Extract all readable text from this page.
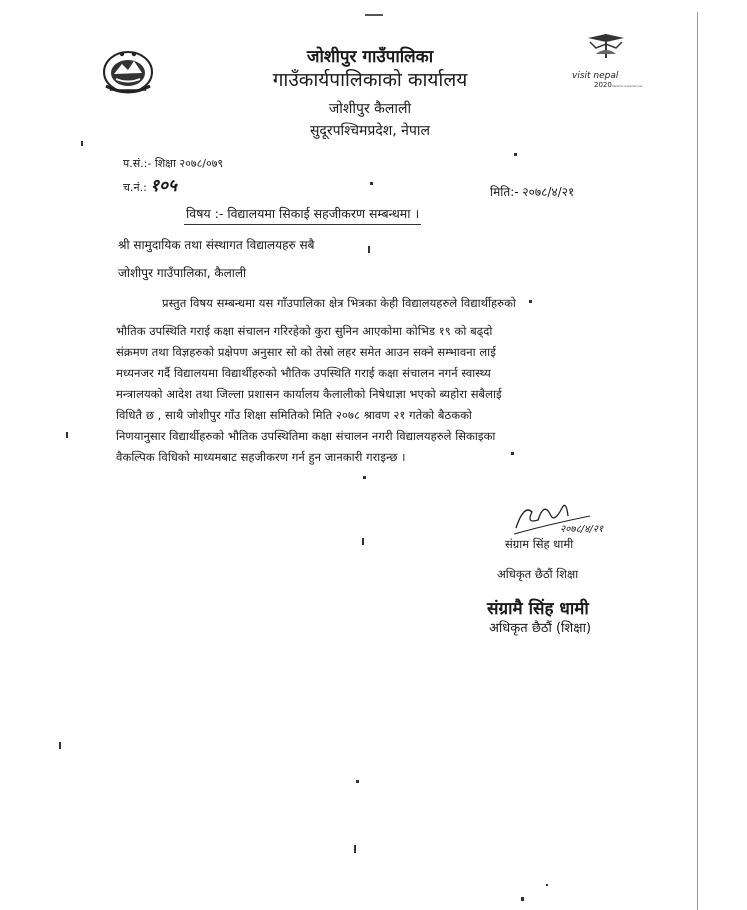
visit nepal
2020 lifetime experiences
जोशीपुर गाउँपालिका
गाउँकार्यपालिकाको कार्यालय
जोशीपुर कैलाली
सुदूरपश्चिमप्रदेश, नेपाल
प.सं.:- शिक्षा २०७८/०७९
च.नं.: १०५	मिति:- २०७८/४/२१
विषय :- विद्यालयमा सिकाई सहजीकरण सम्बन्धमा ।
श्री सामुदायिक तथा संस्थागत विद्यालयहरु सबै
जोशीपुर गाउँपालिका, कैलाली
प्रस्तुत विषय सम्बन्धमा यस गाँउपालिका क्षेत्र भित्रका केही विद्यालयहरुले विद्यार्थीहरुको
भौतिक उपस्थिति गराई कक्षा संचालन गरिरहेको कुरा सुनिन आएकोमा कोभिड १९ को बढ्दो
संक्रमण तथा विज्ञहरुको प्रक्षेपण अनुसार सो को तेस्रो लहर समेत आउन सक्ने सम्भावना लाई
मध्यनजर गर्दै विद्यालयमा विद्यार्थीहरुको भौतिक उपस्थिति गराई कक्षा संचालन नगर्न स्वास्थ्य
मन्त्रालयको आदेश तथा जिल्ला प्रशासन कार्यालय कैलालीको निषेधाज्ञा भएको ब्यहोरा सबैलाई
विधितै छ , साथै जोशीपुर गाँउ शिक्षा समितिको मिति २०७८ श्रावण २१ गतेको बैठकको
निणयानुसार विद्यार्थीहरुको भौतिक उपस्थितिमा कक्षा संचालन नगरी विद्यालयहरुले सिकाइका
वैकल्पिक विधिको माध्यमबाट सहजीकरण गर्न हुन जानकारी गराइन्छ ।
२०७८/४/२१
संग्राम सिंह धामी
अधिकृत छैठौं शिक्षा
संग्रामै सिंह धामी
अधिकृत छैठौं (शिक्षा)
